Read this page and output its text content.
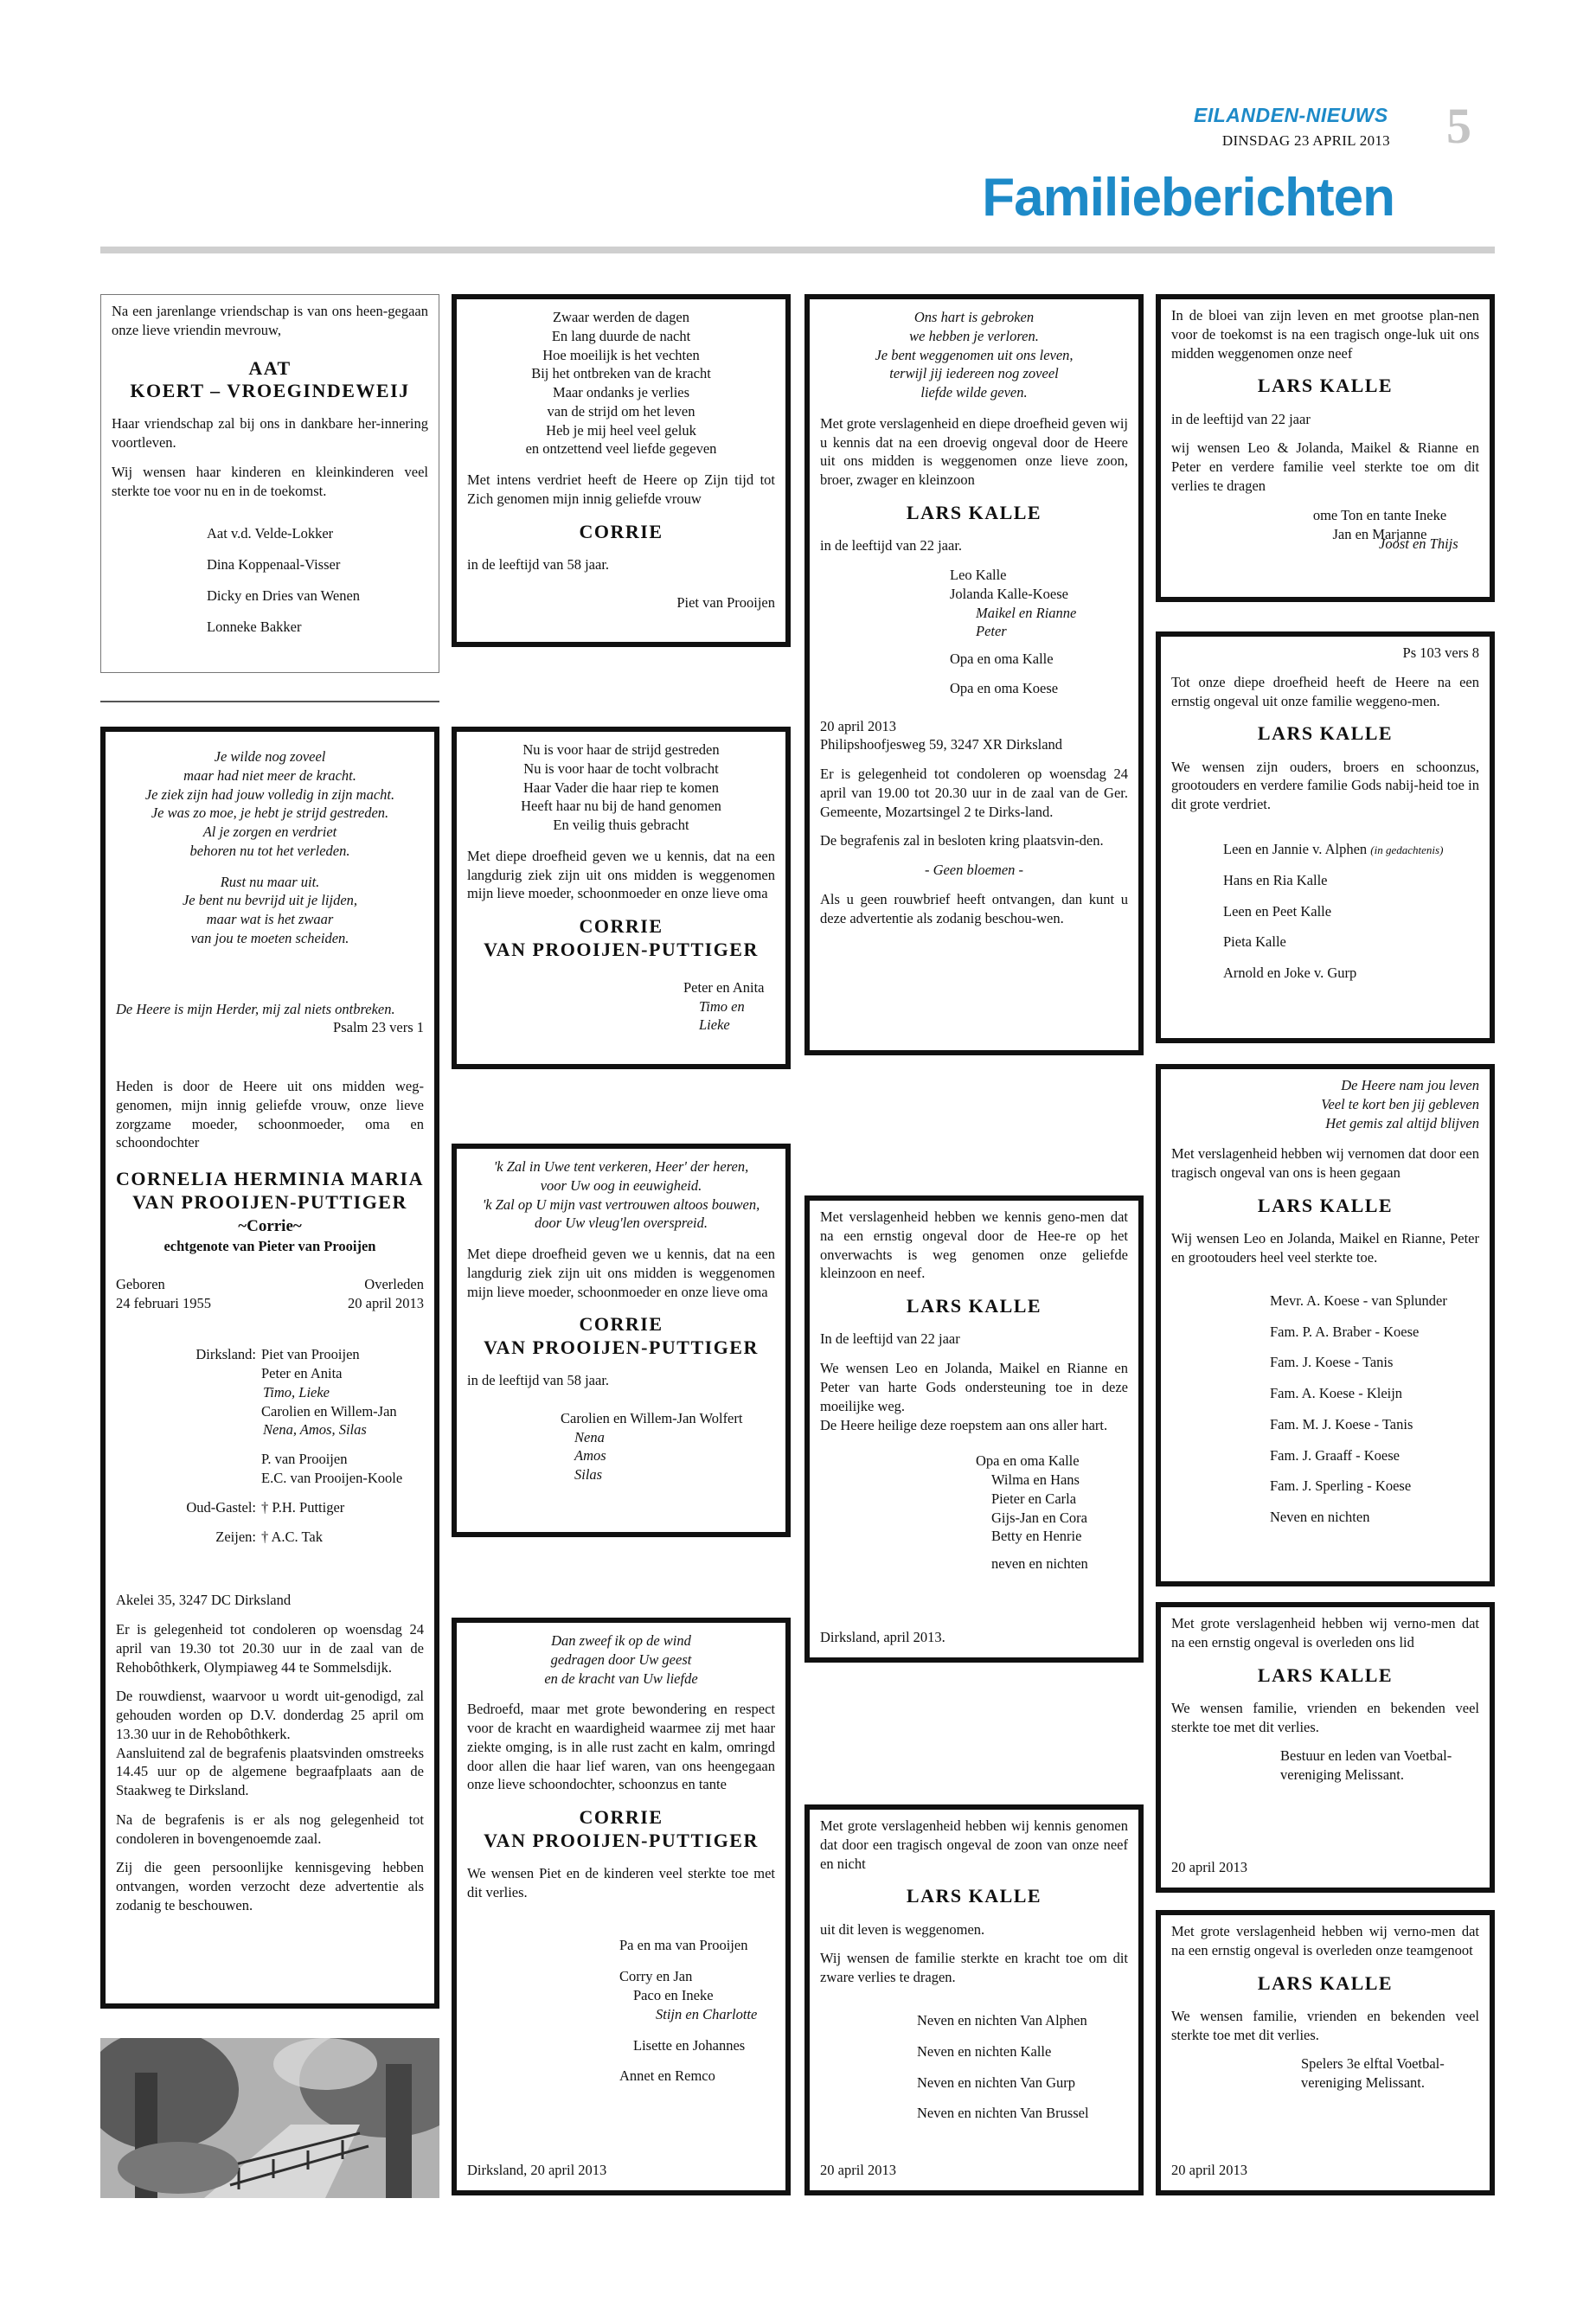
EILANDEN-NIEUWS
DINSDAG 23 APRIL 2013 5
Familieberichten

Na een jarenlange vriendschap is van ons heen-gegaan onze lieve vriendin mevrouw,

AAT
KOERT – VROEGINDEWEIJ

Haar vriendschap zal bij ons in dankbare her-innering voortleven.

Wij wensen haar kinderen en kleinkinderen veel sterkte toe voor nu en in de toekomst.

Aat v.d. Velde-Lokker
Dina Koppenaal-Visser
Dicky en Dries van Wenen
Lonneke Bakker
Je wilde nog zoveel
maar had niet meer de kracht.
Je ziek zijn had jouw volledig in zijn macht.
Je was zo moe, je hebt je strijd gestreden.
Al je zorgen en verdriet
behoren nu tot het verleden.
Rust nu maar uit.
Je bent nu bevrijd uit je lijden,
maar wat is het zwaar
van jou te moeten scheiden.
De Heere is mijn Herder, mij zal niets ontbreken.
Psalm 23 vers 1

Heden is door de Heere uit ons midden weg-genomen, mijn innig geliefde vrouw, onze lieve zorgzame moeder, schoonmoeder, oma en schoondochter

CORNELIA HERMINIA MARIA
VAN PROOIJEN-PUTTIGER
~Corrie~
echtgenote van Pieter van Prooijen
Geboren
24 februari 1955
Overleden
20 april 2013
Dirksland: Piet van Prooijen
Peter en Anita
Timo, Lieke
Carolien en Willem-Jan
Nena, Amos, Silas
P. van Prooijen
E.C. van Prooijen-Koole
Oud-Gastel: † P.H. Puttiger
Zeijen: † A.C. Tak

Akelei 35, 3247 DC Dirksland

Er is gelegenheid tot condoleren op woensdag 24 april van 19.30 tot 20.30 uur in de zaal van de Rehobôthkerk, Olympiaweg 44 te Sommelsdijk.

De rouwdienst, waarvoor u wordt uit-genodigd, zal gehouden worden op D.V. donderdag 25 april om 13.30 uur in de Rehobôthkerk.
Aansluitend zal de begrafenis plaatsvinden omstreeks 14.45 uur op de algemene begraafplaats aan de Staakweg te Dirksland.

Na de begrafenis is er als nog gelegenheid tot condoleren in bovengenoemde zaal.

Zij die geen persoonlijke kennisgeving hebben ontvangen, worden verzocht deze advertentie als zodanig te beschouwen.

Zwaar werden de dagen
En lang duurde de nacht
Hoe moeilijk is het vechten
Bij het ontbreken van de kracht
Maar ondanks je verlies
van de strijd om het leven
Heb je mij heel veel geluk
en ontzettend veel liefde gegeven

Met intens verdriet heeft de Heere op Zijn tijd tot Zich genomen mijn innig geliefde vrouw

CORRIE

in de leeftijd van 58 jaar.

Piet van Prooijen
Nu is voor haar de strijd gestreden
Nu is voor haar de tocht volbracht
Haar Vader die haar riep te komen
Heeft haar nu bij de hand genomen
En veilig thuis gebracht

Met diepe droefheid geven we u kennis, dat na een langdurig ziek zijn uit ons midden is weggenomen mijn lieve moeder, schoonmoeder en onze lieve oma

CORRIE
VAN PROOIJEN-PUTTIGER
Peter en Anita
Timo en Lieke
'k Zal in Uwe tent verkeren, Heer' der heren,
voor Uw oog in eeuwigheid.
'k Zal op U mijn vast vertrouwen altoos bouwen,
door Uw vleug'len overspreid.

Met diepe droefheid geven we u kennis, dat na een langdurig ziek zijn uit ons midden is weggenomen mijn lieve moeder, schoonmoeder en onze lieve oma

CORRIE
VAN PROOIJEN-PUTTIGER

in de leeftijd van 58 jaar.

Carolien en Willem-Jan Wolfert
Nena
Amos
Silas
Dan zweef ik op de wind
gedragen door Uw geest
en de kracht van Uw liefde

Bedroefd, maar met grote bewondering en respect voor de kracht en waardigheid waarmee zij met haar ziekte omging, is in alle rust zacht en kalm, omringd door allen die haar lief waren, van ons heengegaan onze lieve schoondochter, schoonzus en tante

CORRIE
VAN PROOIJEN-PUTTIGER

We wensen Piet en de kinderen veel sterkte toe met dit verlies.

Pa en ma van Prooijen
Corry en Jan
Paco en Ineke
Stijn en Charlotte
Lisette en Johannes
Annet en Remco
Dirksland, 20 april 2013
Ons hart is gebroken
we hebben je verloren.
Je bent weggenomen uit ons leven,
terwijl jij iedereen nog zoveel
liefde wilde geven.

Met grote verslagenheid en diepe droefheid geven wij u kennis dat na een droevig ongeval door de Heere uit ons midden is weggenomen onze lieve zoon, broer, zwager en kleinzoon

LARS KALLE

in de leeftijd van 22 jaar.

Leo Kalle
Jolanda Kalle-Koese
Maikel en Rianne
Peter
Opa en oma Kalle
Opa en oma Koese

20 april 2013
Philipshoofjesweg 59, 3247 XR Dirksland

Er is gelegenheid tot condoleren op woensdag 24 april van 19.00 tot 20.30 uur in de zaal van de Ger. Gemeente, Mozartsingel 2 te Dirks-land.

De begrafenis zal in besloten kring plaatsvin-den.

- Geen bloemen -

Als u geen rouwbrief heeft ontvangen, dan kunt u deze advertentie als zodanig beschou-wen.

Met verslagenheid hebben we kennis geno-men dat na een ernstig ongeval door de Hee-re op het onverwachts is weg genomen onze geliefde kleinzoon en neef.

LARS KALLE

In de leeftijd van 22 jaar

We wensen Leo en Jolanda, Maikel en Rianne en Peter van harte Gods ondersteuning toe in deze moeilijke weg.
De Heere heilige deze roepstem aan ons aller hart.

Opa en oma Kalle
Wilma en Hans
Pieter en Carla
Gijs-Jan en Cora
Betty en Henrie
neven en nichten
Dirksland, april 2013.

Met grote verslagenheid hebben wij kennis genomen dat door een tragisch ongeval de zoon van onze neef en nicht

LARS KALLE

uit dit leven is weggenomen.

Wij wensen de familie sterkte en kracht toe om dit zware verlies te dragen.

Neven en nichten Van Alphen
Neven en nichten Kalle
Neven en nichten Van Gurp
Neven en nichten Van Brussel
20 april 2013

In de bloei van zijn leven en met grootse plan-nen voor de toekomst is na een tragisch onge-luk uit ons midden weggenomen onze neef

LARS KALLE

in de leeftijd van 22 jaar

wij wensen Leo & Jolanda, Maikel & Rianne en Peter en verdere familie veel sterkte toe om dit verlies te dragen

ome Ton en tante Ineke
Jan en Marjanne
Joost en Thijs
Ps 103 vers 8

Tot onze diepe droefheid heeft de Heere na een ernstig ongeval uit onze familie weggeno-men.

LARS KALLE

We wensen zijn ouders, broers en schoonzus, grootouders en verdere familie Gods nabij-heid toe in dit grote verdriet.

Leen en Jannie v. Alphen (in gedachtenis)
Hans en Ria Kalle
Leen en Peet Kalle
Pieta Kalle
Arnold en Joke v. Gurp
De Heere nam jou leven
Veel te kort ben jij gebleven
Het gemis zal altijd blijven

Met verslagenheid hebben wij vernomen dat door een tragisch ongeval van ons is heen gegaan

LARS KALLE

Wij wensen Leo en Jolanda, Maikel en Rianne, Peter en grootouders heel veel sterkte toe.

Mevr. A. Koese - van Splunder
Fam. P. A. Braber - Koese
Fam. J. Koese - Tanis
Fam. A. Koese - Kleijn
Fam. M. J. Koese - Tanis
Fam. J. Graaff - Koese
Fam. J. Sperling - Koese
Neven en nichten

Met grote verslagenheid hebben wij verno-men dat na een ernstig ongeval is overleden ons lid

LARS KALLE

We wensen familie, vrienden en bekenden veel sterkte toe met dit verlies.

Bestuur en leden van Voetbal-
vereniging Melissant.
20 april 2013

Met grote verslagenheid hebben wij verno-men dat na een ernstig ongeval is overleden onze teamgenoot

LARS KALLE

We wensen familie, vrienden en bekenden veel sterkte toe met dit verlies.

Spelers 3e elftal Voetbal-
vereniging Melissant.
20 april 2013
